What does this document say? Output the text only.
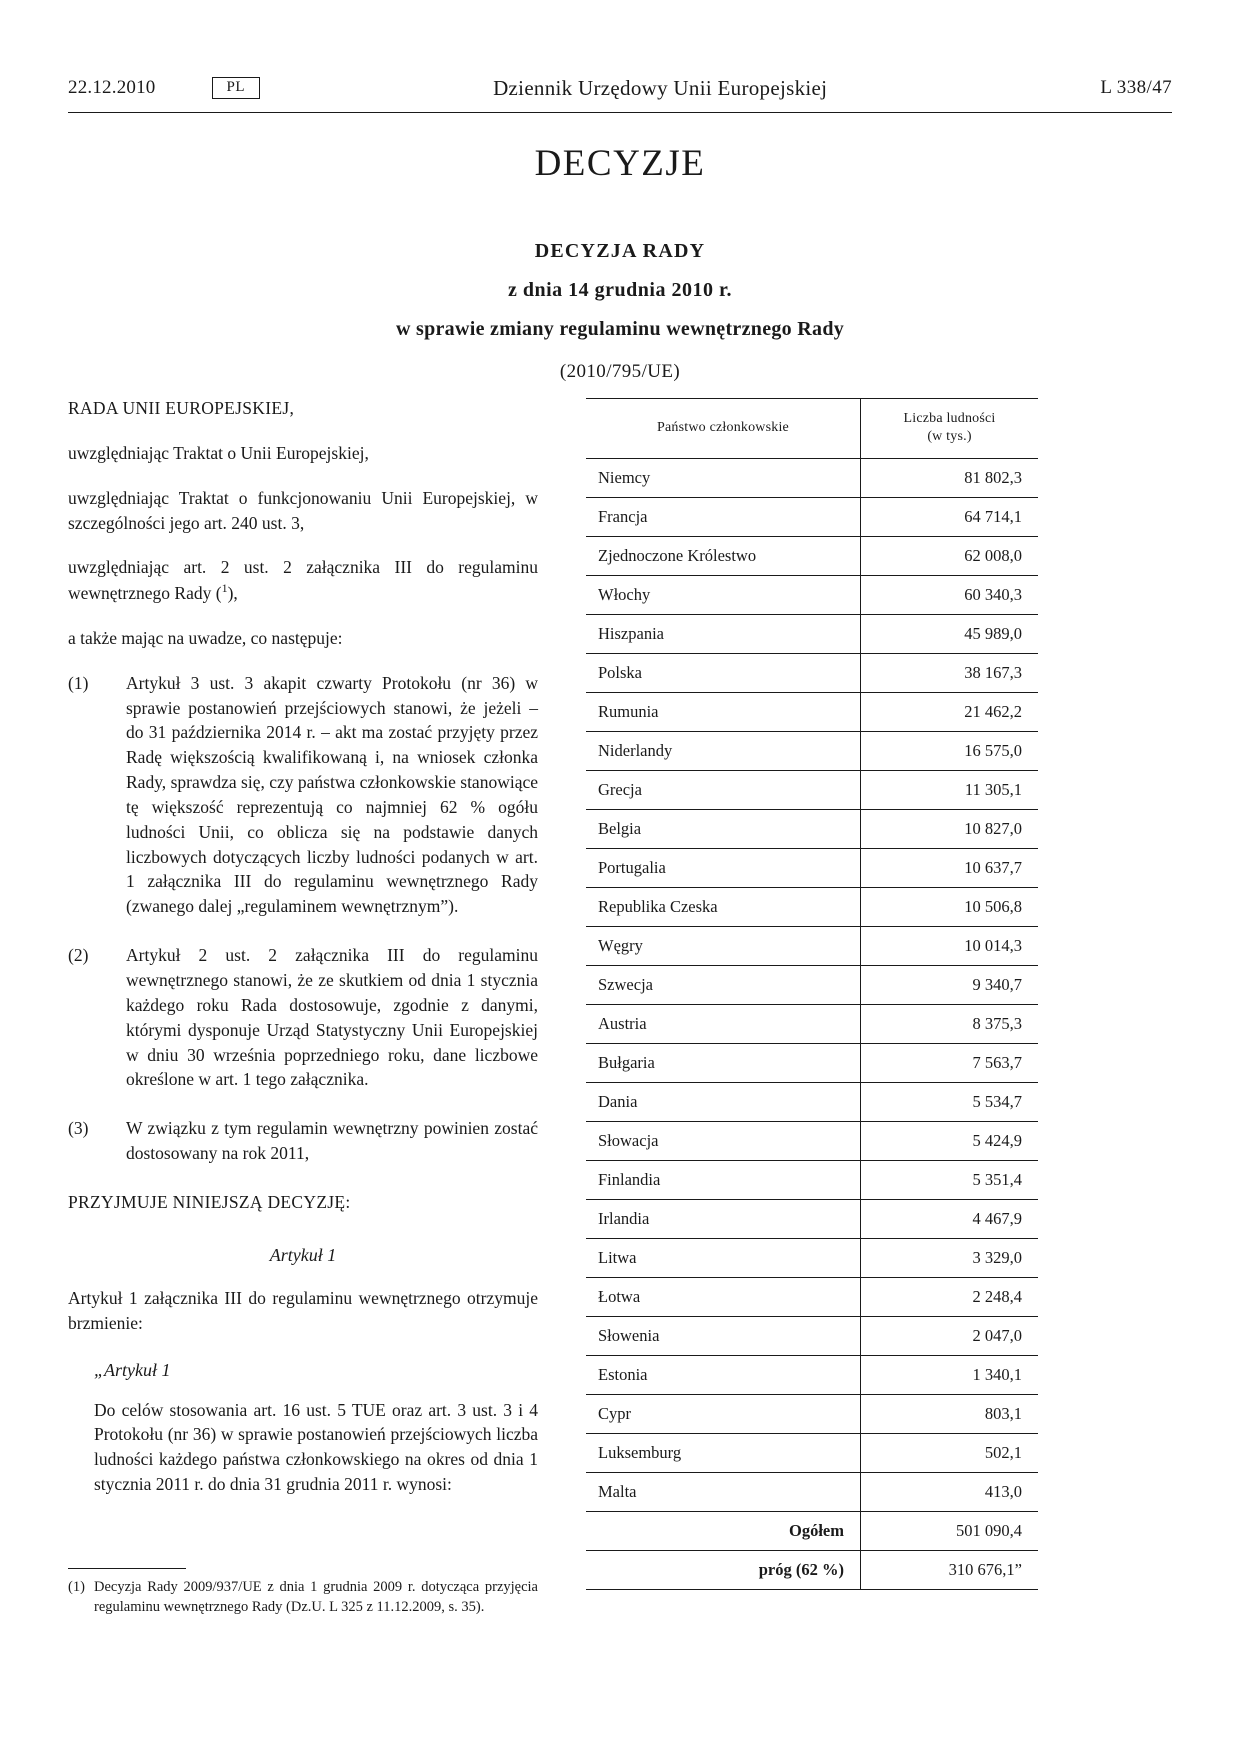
22.12.2010	PL	Dziennik Urzędowy Unii Europejskiej	L 338/47
DECYZJE
DECYZJA RADY
z dnia 14 grudnia 2010 r.
w sprawie zmiany regulaminu wewnętrznego Rady
(2010/795/UE)
RADA UNII EUROPEJSKIEJ,
uwzględniając Traktat o Unii Europejskiej,
uwzględniając Traktat o funkcjonowaniu Unii Europejskiej, w szczególności jego art. 240 ust. 3,
uwzględniając art. 2 ust. 2 załącznika III do regulaminu wewnętrznego Rady ($^1$),
a także mając na uwadze, co następuje:
(1)	Artykuł 3 ust. 3 akapit czwarty Protokołu (nr 36) w sprawie postanowień przejściowych stanowi, że jeżeli – do 31 października 2014 r. – akt ma zostać przyjęty przez Radę większością kwalifikowaną i, na wniosek członka Rady, sprawdza się, czy państwa członkowskie stanowiące tę większość reprezentują co najmniej 62 % ogółu ludności Unii, co oblicza się na podstawie danych liczbowych dotyczących liczby ludności podanych w art. 1 załącznika III do regulaminu wewnętrznego Rady (zwanego dalej „regulaminem wewnętrznym”).
(2)	Artykuł 2 ust. 2 załącznika III do regulaminu wewnętrznego stanowi, że ze skutkiem od dnia 1 stycznia każdego roku Rada dostosowuje, zgodnie z danymi, którymi dysponuje Urząd Statystyczny Unii Europejskiej w dniu 30 września poprzedniego roku, dane liczbowe określone w art. 1 tego załącznika.
(3)	W związku z tym regulamin wewnętrzny powinien zostać dostosowany na rok 2011,
PRZYJMUJE NINIEJSZĄ DECYZJĘ:
Artykuł 1
Artykuł 1 załącznika III do regulaminu wewnętrznego otrzymuje brzmienie:
„Artykuł 1
Do celów stosowania art. 16 ust. 5 TUE oraz art. 3 ust. 3 i 4 Protokołu (nr 36) w sprawie postanowień przejściowych liczba ludności każdego państwa członkowskiego na okres od dnia 1 stycznia 2011 r. do dnia 31 grudnia 2011 r. wynosi:
(1) Decyzja Rady 2009/937/UE z dnia 1 grudnia 2009 r. dotycząca przyjęcia regulaminu wewnętrznego Rady (Dz.U. L 325 z 11.12.2009, s. 35).
Państwo członkowskie	Liczba ludności
(w tys.)

Niemcy	81 802,3
Francja	64 714,1
Zjednoczone Królestwo	62 008,0
Włochy	60 340,3
Hiszpania	45 989,0
Polska	38 167,3
Rumunia	21 462,2
Niderlandy	16 575,0
Grecja	11 305,1
Belgia	10 827,0
Portugalia	10 637,7
Republika Czeska	10 506,8
Węgry	10 014,3
Szwecja	9 340,7
Austria	8 375,3
Bułgaria	7 563,7
Dania	5 534,7
Słowacja	5 424,9
Finlandia	5 351,4
Irlandia	4 467,9
Litwa	3 329,0
Łotwa	2 248,4
Słowenia	2 047,0
Estonia	1 340,1
Cypr	803,1
Luksemburg	502,1
Malta	413,0
Ogółem	501 090,4
próg (62 %)	310 676,1”
